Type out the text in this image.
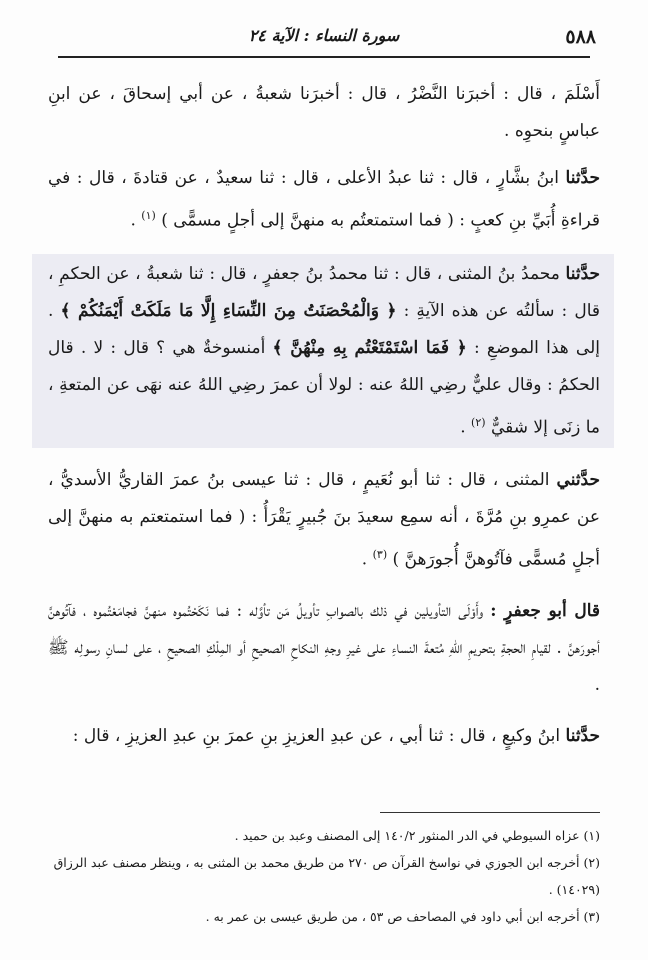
٥٨٨
سورة النساء : الآية ٢٤

أَسْلَمَ ، قال : أخبرَنا النَّضْرُ ، قال : أخبرَنا شعبةُ ، عن أبي إسحاقَ ، عن ابنِ عباسٍ بنحوِه .

حدَّثنا ابنُ بشَّارٍ ، قال : ثنا عبدُ الأعلى ، قال : ثنا سعيدٌ ، عن قتادةَ ، قال : في قراءةِ أُبَيِّ بنِ كعبٍ : ( فما استمتعتُم به منهنَّ إلى أجلٍ مسمًّى ) $^{(١)}$ .

حدَّثنا محمدُ بنُ المثنى ، قال : ثنا محمدُ بنُ جعفرٍ ، قال : ثنا شعبةُ ، عن الحكمِ ، قال : سألتُه عن هذه الآيةِ : ﴿ وَالْمُحْصَنَتُ مِنَ النِّسَاءِ إِلَّا مَا مَلَكَتْ أَيْمَنُكُمْ ﴾ . إلى هذا الموضعِ : ﴿ فَمَا اسْتَمْتَعْتُم بِهِ مِنْهُنَّ ﴾ أمنسوخةٌ هي ؟ قال : لا . قال الحكمُ : وقال عليٌّ رضِي اللهُ عنه : لولا أن عمرَ رضِي اللهُ عنه نهَى عن المتعةِ ، ما زنَى إلا شقيٌّ $^{(٢)}$ .

حدَّثني المثنى ، قال : ثنا أبو نُعَيمٍ ، قال : ثنا عيسى بنُ عمرَ القاريُّ الأسديُّ ، عن عمرِو بنِ مُرَّةَ ، أنه سمِع سعيدَ بنَ جُبيرٍ يَقْرَأُ : ( فما استمتعتم به منهنَّ إلى أجلٍ مُسمًّى فآتُوهنَّ أُجورَهنَّ ) $^{(٣)}$ .

قال أبو جعفرٍ : وأَوْلَى التأويلين في ذلك بالصوابِ تأويلُ مَن تأوَّله : فما نَكَحْتُموه منهنَّ فجامَعْتُموه ، فآتُوهنَّ أجورَهنَّ . لقيامِ الحجةِ بتحريمِ اللهِ مُتعةَ النساءِ على غيرِ وجهِ النكاحِ الصحيحِ أو المِلْكِ الصحيحِ ، على لسانِ رسولِه ﷺ .

حدَّثنا ابنُ وكيعٍ ، قال : ثنا أبي ، عن عبدِ العزيزِ بنِ عمرَ بنِ عبدِ العزيزِ ، قال :

(١) عزاه السيوطي في الدر المنثور ١٤٠/٢ إلى المصنف وعبد بن حميد .

(٢) أخرجه ابن الجوزي في نواسخ القرآن ص ٢٧٠ من طريق محمد بن المثنى به ، وينظر مصنف عبد الرزاق (١٤٠٢٩) .

(٣) أخرجه ابن أبي داود في المصاحف ص ٥٣ ، من طريق عيسى بن عمر به .
